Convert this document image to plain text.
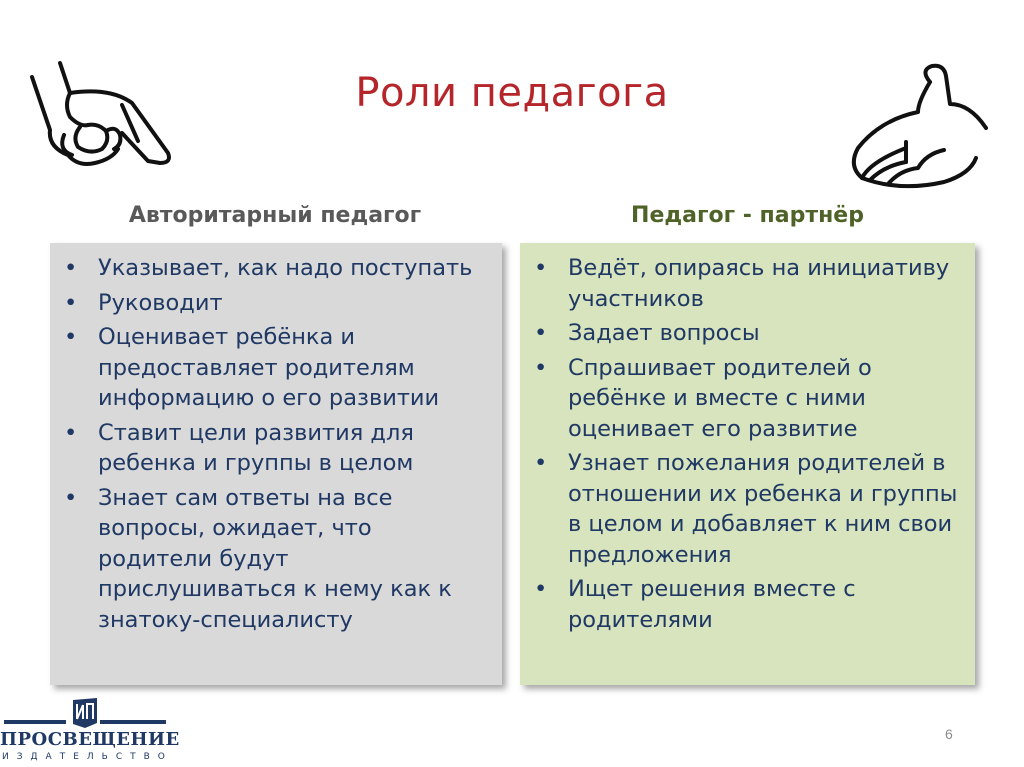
Роли педагога
Авторитарный педагог	Педагог - партнёр
• Указывает, как надо поступать
• Руководит
• Оценивает ребёнка и предоставляет родителям информацию о его развитии
• Ставит цели развития для ребенка и группы в целом
• Знает сам ответы на все вопросы, ожидает, что родители будут прислушиваться к нему как к знатоку-специалисту
• Ведёт, опираясь на инициативу участников
• Задает вопросы
• Спрашивает родителей о ребёнке и вместе с ними оценивает его развитие
• Узнает пожелания родителей в отношении их ребенка и группы в целом и добавляет к ним свои предложения
• Ищет решения вместе с родителями
ПРОСВЕЩЕНИЕ
ИЗДАТЕЛЬСТВО
6
